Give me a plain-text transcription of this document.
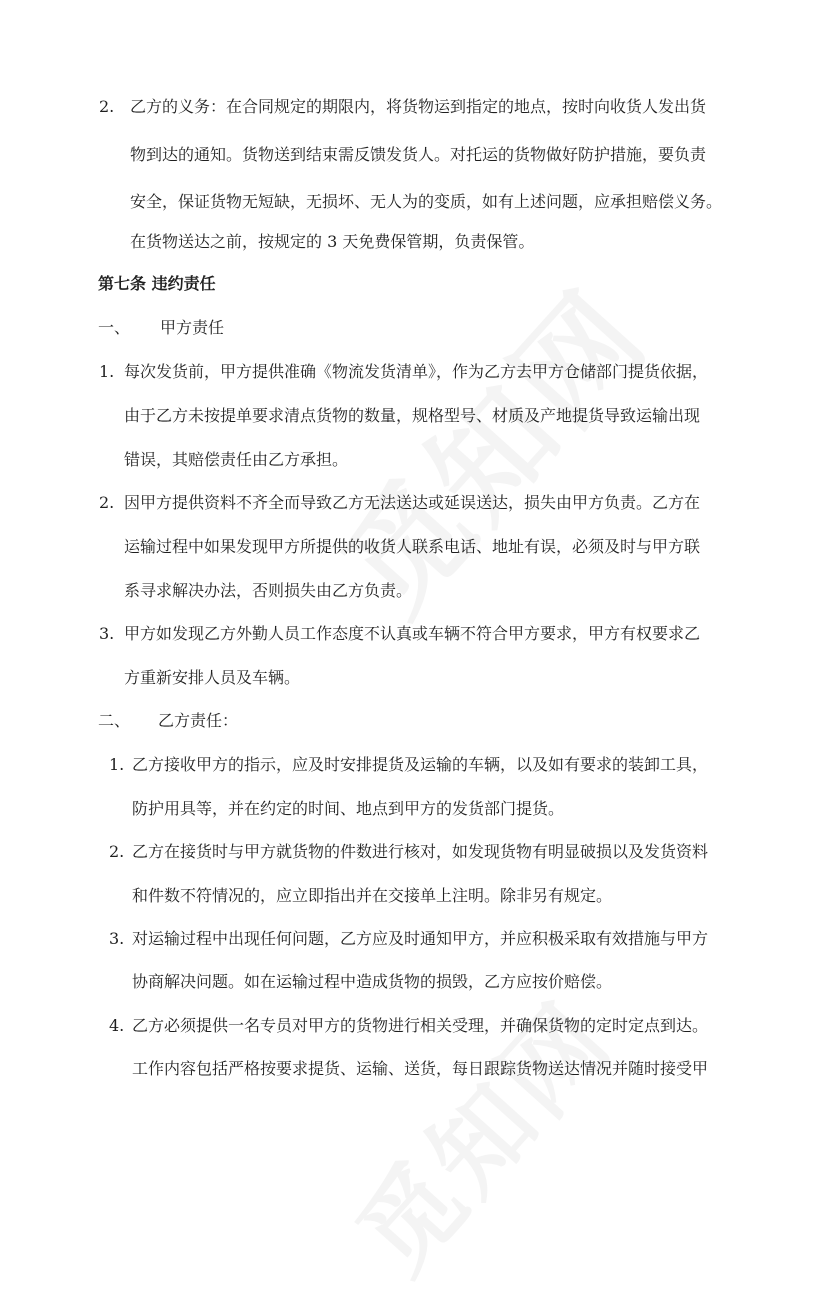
2. 乙方的义务：在合同规定的期限内，将货物运到指定的地点，按时向收货人发出货
物到达的通知。货物送到结束需反馈发货人。对托运的货物做好防护措施，要负责
安全，保证货物无短缺，无损坏、无人为的变质，如有上述问题，应承担赔偿义务。
在货物送达之前，按规定的 3 天免费保管期，负责保管。
第七条 违约责任
一、 甲方责任
1. 每次发货前，甲方提供准确《物流发货清单》，作为乙方去甲方仓储部门提货依据，
由于乙方未按提单要求清点货物的数量，规格型号、材质及产地提货导致运输出现
错误，其赔偿责任由乙方承担。
2. 因甲方提供资料不齐全而导致乙方无法送达或延误送达，损失由甲方负责。乙方在
运输过程中如果发现甲方所提供的收货人联系电话、地址有误，必须及时与甲方联
系寻求解决办法，否则损失由乙方负责。
3. 甲方如发现乙方外勤人员工作态度不认真或车辆不符合甲方要求，甲方有权要求乙
方重新安排人员及车辆。
二、 乙方责任：
1. 乙方接收甲方的指示，应及时安排提货及运输的车辆，以及如有要求的装卸工具，
防护用具等，并在约定的时间、地点到甲方的发货部门提货。
2. 乙方在接货时与甲方就货物的件数进行核对，如发现货物有明显破损以及发货资料
和件数不符情况的，应立即指出并在交接单上注明。除非另有规定。
3. 对运输过程中出现任何问题，乙方应及时通知甲方，并应积极采取有效措施与甲方
协商解决问题。如在运输过程中造成货物的损毁，乙方应按价赔偿。
4. 乙方必须提供一名专员对甲方的货物进行相关受理，并确保货物的定时定点到达。
工作内容包括严格按要求提货、运输、送货，每日跟踪货物送达情况并随时接受甲
